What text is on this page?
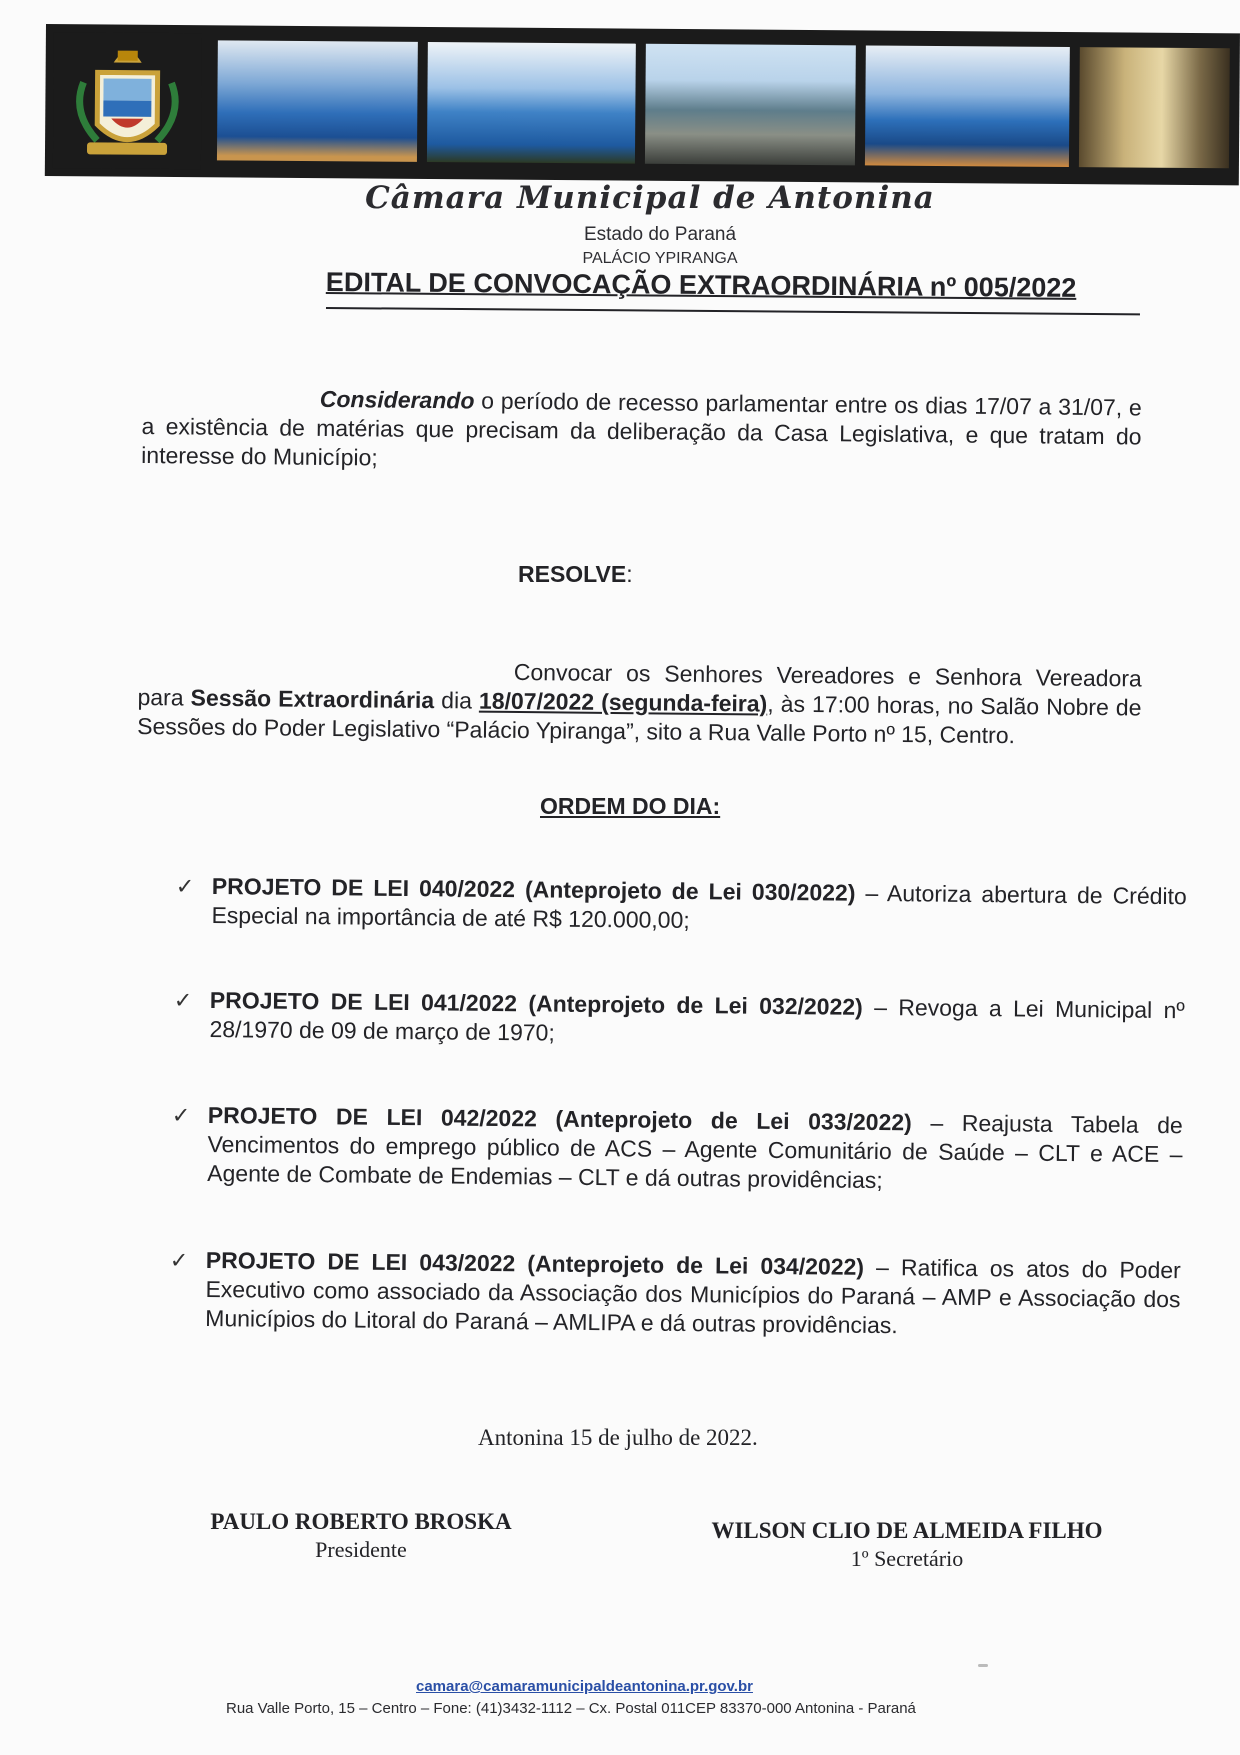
Câmara Municipal de Antonina
Estado do Paraná
PALÁCIO YPIRANGA
EDITAL DE CONVOCAÇÃO EXTRAORDINÁRIA nº 005/2022
Considerando o período de recesso parlamentar entre os dias 17/07 a 31/07, e a existência de matérias que precisam da deliberação da Casa Legislativa, e que tratam do interesse do Município;
RESOLVE:
Convocar os Senhores Vereadores e Senhora Vereadora para Sessão Extraordinária dia 18/07/2022 (segunda-feira), às 17:00 horas, no Salão Nobre de Sessões do Poder Legislativo “Palácio Ypiranga”, sito a Rua Valle Porto nº 15, Centro.
ORDEM DO DIA:
✓ PROJETO DE LEI 040/2022 (Anteprojeto de Lei 030/2022) – Autoriza abertura de Crédito Especial na importância de até R$ 120.000,00;
✓ PROJETO DE LEI 041/2022 (Anteprojeto de Lei 032/2022) – Revoga a Lei Municipal nº 28/1970 de 09 de março de 1970;
✓ PROJETO DE LEI 042/2022 (Anteprojeto de Lei 033/2022) – Reajusta Tabela de Vencimentos do emprego público de ACS – Agente Comunitário de Saúde – CLT e ACE – Agente de Combate de Endemias – CLT e dá outras providências;
✓ PROJETO DE LEI 043/2022 (Anteprojeto de Lei 034/2022) – Ratifica os atos do Poder Executivo como associado da Associação dos Municípios do Paraná – AMP e Associação dos Municípios do Litoral do Paraná – AMLIPA e dá outras providências.
Antonina 15 de julho de 2022.
PAULO ROBERTO BROSKA
Presidente
WILSON CLIO DE ALMEIDA FILHO
1º Secretário
camara@camaramunicipaldeantonina.pr.gov.br
Rua Valle Porto, 15 – Centro – Fone: (41)3432-1112 – Cx. Postal 011CEP 83370-000 Antonina - Paraná
